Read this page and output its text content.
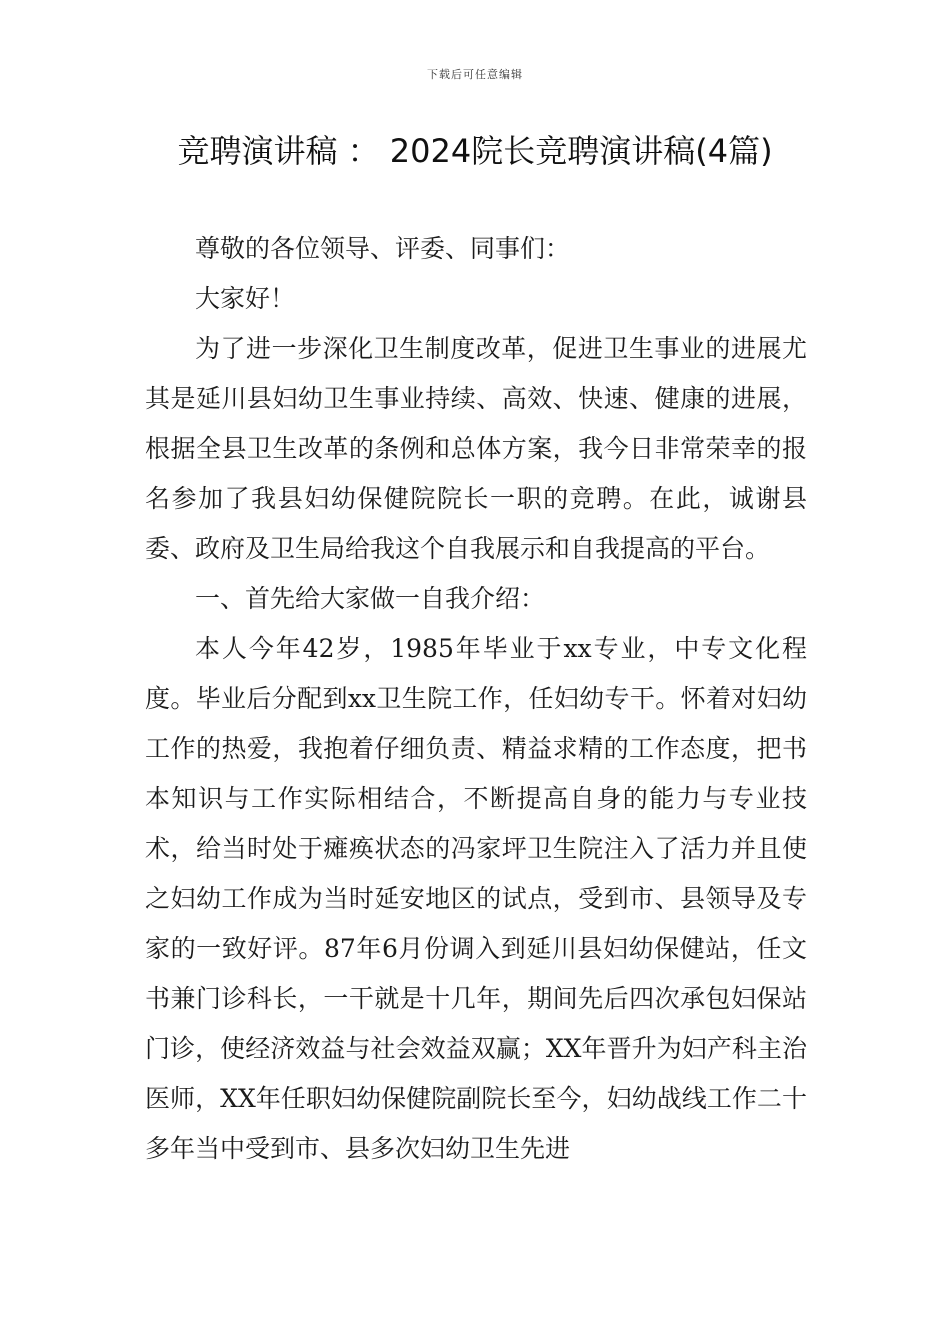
下载后可任意编辑
竞聘演讲稿 ： 2024院长竞聘演讲稿(4篇)

尊敬的各位领导、评委、同事们：

大家好！

为了进一步深化卫生制度改革，促进卫生事业的进展尤其是延川县妇幼卫生事业持续、高效、快速、健康的进展，根据全县卫生改革的条例和总体方案，我今日非常荣幸的报名参加了我县妇幼保健院院长一职的竞聘。在此，诚谢县委、政府及卫生局给我这个自我展示和自我提高的平台。

一、首先给大家做一自我介绍：

本人今年42岁，1985年毕业于xx专业，中专文化程度。毕业后分配到xx卫生院工作，任妇幼专干。怀着对妇幼工作的热爱，我抱着仔细负责、精益求精的工作态度，把书本知识与工作实际相结合，不断提高自身的能力与专业技术，给当时处于瘫痪状态的冯家坪卫生院注入了活力并且使之妇幼工作成为当时延安地区的试点，受到市、县领导及专家的一致好评。87年6月份调入到延川县妇幼保健站，任文书兼门诊科长，一干就是十几年，期间先后四次承包妇保站门诊，使经济效益与社会效益双赢；XX年晋升为妇产科主治医师，XX年任职妇幼保健院副院长至今，妇幼战线工作二十多年当中受到市、县多次妇幼卫生先进
